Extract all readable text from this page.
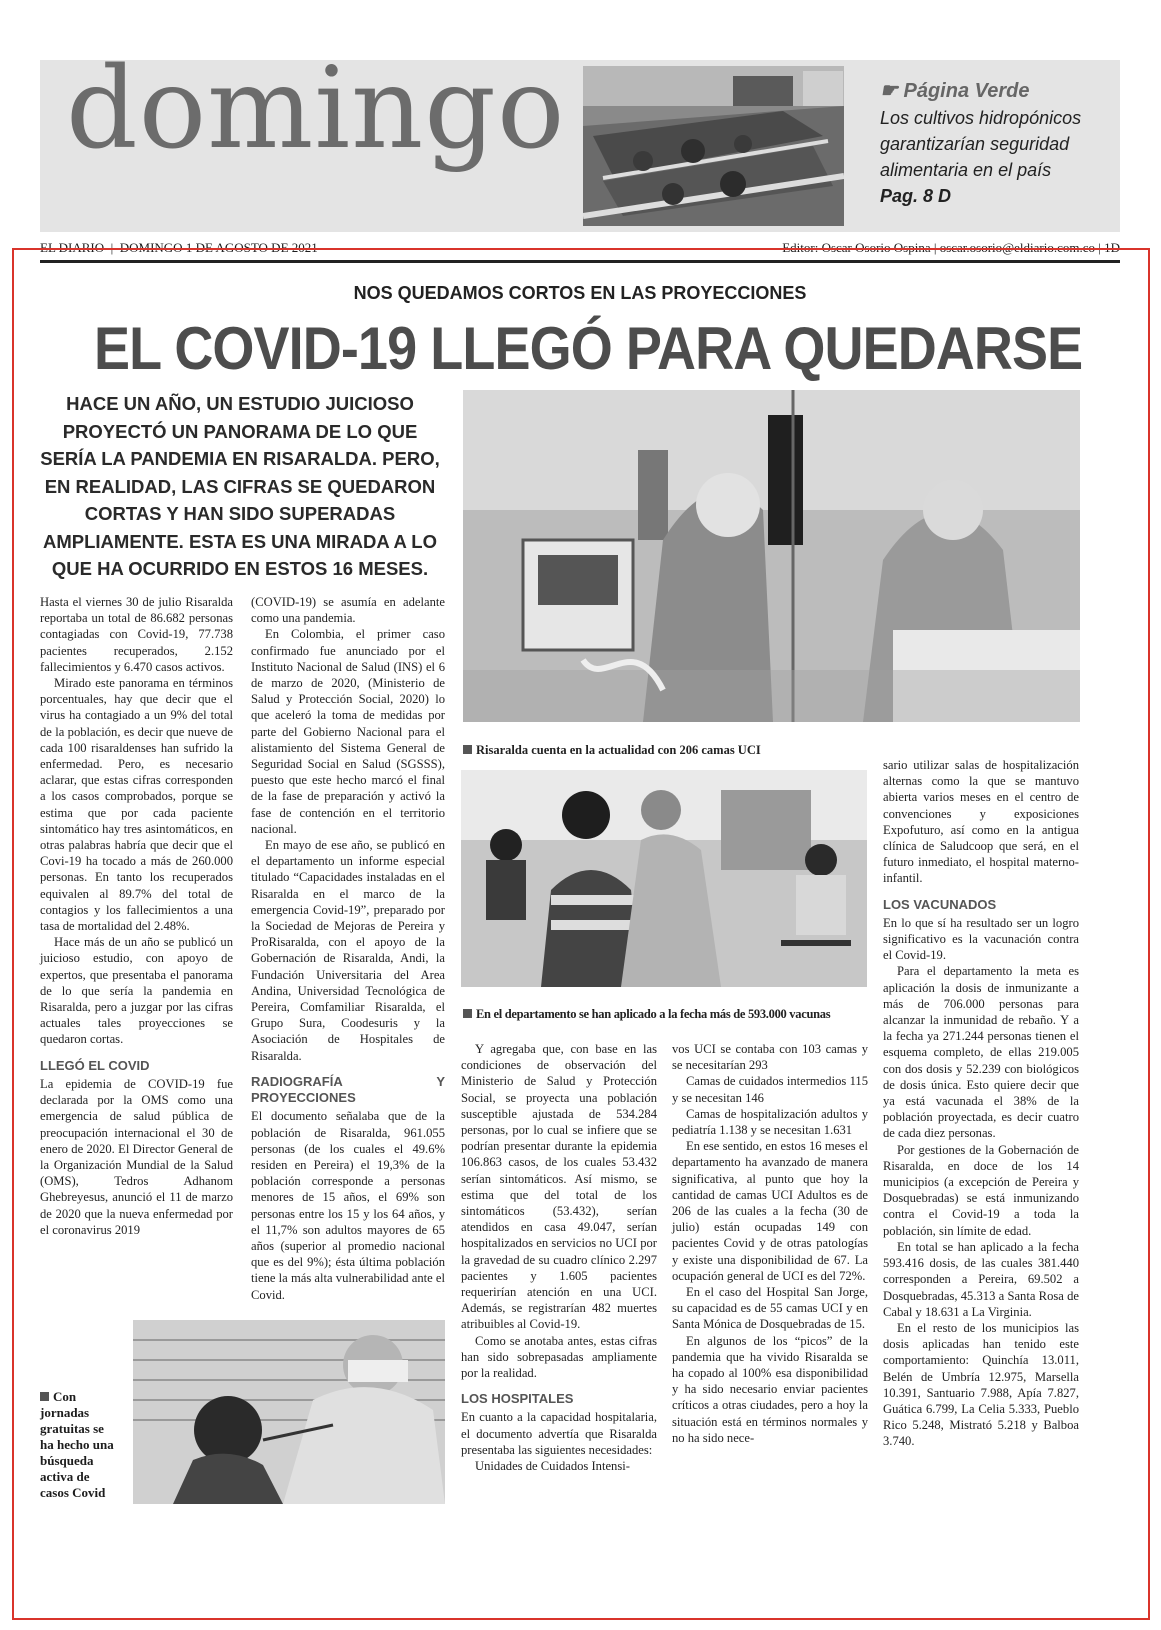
domingo	☛ Página Verde
Los cultivos hidropónicos garantizarían seguridad alimentaria en el país
Pag. 8 D
EL DIARIO  |  DOMINGO 1 DE AGOSTO DE 2021	Editor: Oscar Osorio Ospina | oscar.osorio@eldiario.com.co | 1D
NOS QUEDAMOS CORTOS EN LAS PROYECCIONES
EL COVID-19 LLEGÓ PARA QUEDARSE
HACE UN AÑO, UN ESTUDIO JUICIOSO PROYECTÓ UN PANORAMA DE LO QUE SERÍA LA PANDEMIA EN RISARALDA. PERO, EN REALIDAD, LAS CIFRAS SE QUEDARON CORTAS Y HAN SIDO SUPERADAS AMPLIAMENTE. ESTA ES UNA MIRADA A LO QUE HA OCURRIDO EN ESTOS 16 MESES.
Risaralda cuenta en la actualidad con 206 camas UCI
En el departamento se han aplicado a la fecha más de 593.000 vacunas
Con jornadas gratuitas se ha hecho una búsqueda activa de casos Covid

Hasta el viernes 30 de julio Risaralda reportaba un total de 86.682 personas contagiadas con Covid-19, 77.738 pacientes recuperados, 2.152 fallecimientos y 6.470 casos activos.

Mirado este panorama en términos porcentuales, hay que decir que el virus ha contagiado a un 9% del total de la población, es decir que nueve de cada 100 risaraldenses han sufrido la enfermedad. Pero, es necesario aclarar, que estas cifras corresponden a los casos comprobados, porque se estima que por cada paciente sintomático hay tres asintomáticos, en otras palabras habría que decir que el Covi-19 ha tocado a más de 260.000 personas. En tanto los recuperados equivalen al 89.7% del total de contagios y los fallecimientos a una tasa de mortalidad del 2.48%.

Hace más de un año se publicó un juicioso estudio, con apoyo de expertos, que presentaba el panorama de lo que sería la pandemia en Risaralda, pero a juzgar por las cifras actuales tales proyecciones se quedaron cortas.

LLEGÓ EL COVID

La epidemia de COVID-19 fue declarada por la OMS como una emergencia de salud pública de preocupación internacional el 30 de enero de 2020. El Director General de la Organización Mundial de la Salud (OMS), Tedros Adhanom Ghebreyesus, anunció el 11 de marzo de 2020 que la nueva enfermedad por el coronavirus 2019

(COVID-19) se asumía en adelante como una pandemia.

En Colombia, el primer caso confirmado fue anunciado por el Instituto Nacional de Salud (INS) el 6 de marzo de 2020, (Ministerio de Salud y Protección Social, 2020) lo que aceleró la toma de medidas por parte del Gobierno Nacional para el alistamiento del Sistema General de Seguridad Social en Salud (SGSSS), puesto que este hecho marcó el final de la fase de preparación y activó la fase de contención en el territorio nacional.

En mayo de ese año, se publicó en el departamento un informe especial titulado “Capacidades instaladas en el Risaralda en el marco de la emergencia Covid-19”, preparado por la Sociedad de Mejoras de Pereira y ProRisaralda, con el apoyo de la Gobernación de Risaralda, Andi, la Fundación Universitaria del Area Andina, Universidad Tecnológica de Pereira, Comfamiliar Risaralda, el Grupo Sura, Coodesuris y la Asociación de Hospitales de Risaralda.

RADIOGRAFÍA Y PROYECCIONES

El documento señalaba que de la población de Risaralda, 961.055 personas (de los cuales el 49.6% residen en Pereira) el 19,3% de la población corresponde a personas menores de 15 años, el 69% son personas entre los 15 y los 64 años, y el 11,7% son adultos mayores de 65 años (superior al promedio nacional que es del 9%); ésta última población tiene la más alta vulnerabilidad ante el Covid.

Y agregaba que, con base en las condiciones de observación del Ministerio de Salud y Protección Social, se proyecta una población susceptible ajustada de 534.284 personas, por lo cual se infiere que se podrían presentar durante la epidemia 106.863 casos, de los cuales 53.432 serían sintomáticos. Así mismo, se estima que del total de los sintomáticos (53.432), serían atendidos en casa 49.047, serían hospitalizados en servicios no UCI por la gravedad de su cuadro clínico 2.297 pacientes y 1.605 pacientes requerirían atención en una UCI. Además, se registrarían 482 muertes atribuibles al Covid-19.

Como se anotaba antes, estas cifras han sido sobrepasadas ampliamente por la realidad.

LOS HOSPITALES

En cuanto a la capacidad hospitalaria, el documento advertía que Risaralda presentaba las siguientes necesidades:

Unidades de Cuidados Intensi-

vos UCI se contaba con 103 camas y se necesitarían 293

Camas de cuidados intermedios 115 y se necesitan 146

Camas de hospitalización adultos y pediatría 1.138 y se necesitan 1.631

En ese sentido, en estos 16 meses el departamento ha avanzado de manera significativa, al punto que hoy la cantidad de camas UCI Adultos es de 206 de las cuales a la fecha (30 de julio) están ocupadas 149 con pacientes Covid y de otras patologías y existe una disponibilidad de 67. La ocupación general de UCI es del 72%.

En el caso del Hospital San Jorge, su capacidad es de 55 camas UCI y en Santa Mónica de Dosquebradas de 15.

En algunos de los “picos” de la pandemia que ha vivido Risaralda se ha copado al 100% esa disponibilidad y ha sido necesario enviar pacientes críticos a otras ciudades, pero a hoy la situación está en términos normales y no ha sido nece-

sario utilizar salas de hospitalización alternas como la que se mantuvo abierta varios meses en el centro de convenciones y exposiciones Expofuturo, así como en la antigua clínica de Saludcoop que será, en el futuro inmediato, el hospital materno-infantil.

LOS VACUNADOS

En lo que sí ha resultado ser un logro significativo es la vacunación contra el Covid-19.

Para el departamento la meta es aplicación la dosis de inmunizante a más de 706.000 personas para alcanzar la inmunidad de rebaño. Y a la fecha ya 271.244 personas tienen el esquema completo, de ellas 219.005 con dos dosis y 52.239 con biológicos de dosis única. Esto quiere decir que ya está vacunada el 38% de la población proyectada, es decir cuatro de cada diez personas.

Por gestiones de la Gobernación de Risaralda, en doce de los 14 municipios (a excepción de Pereira y Dosquebradas) se está inmunizando contra el Covid-19 a toda la población, sin límite de edad.

En total se han aplicado a la fecha 593.416 dosis, de las cuales 381.440 corresponden a Pereira, 69.502 a Dosquebradas, 45.313 a Santa Rosa de Cabal y 18.631 a La Virginia.

En el resto de los municipios las dosis aplicadas han tenido este comportamiento: Quinchía 13.011, Belén de Umbría 12.975, Marsella 10.391, Santuario 7.988, Apía 7.827, Guática 6.799, La Celia 5.333, Pueblo Rico 5.248, Mistrató 5.218 y Balboa 3.740.
